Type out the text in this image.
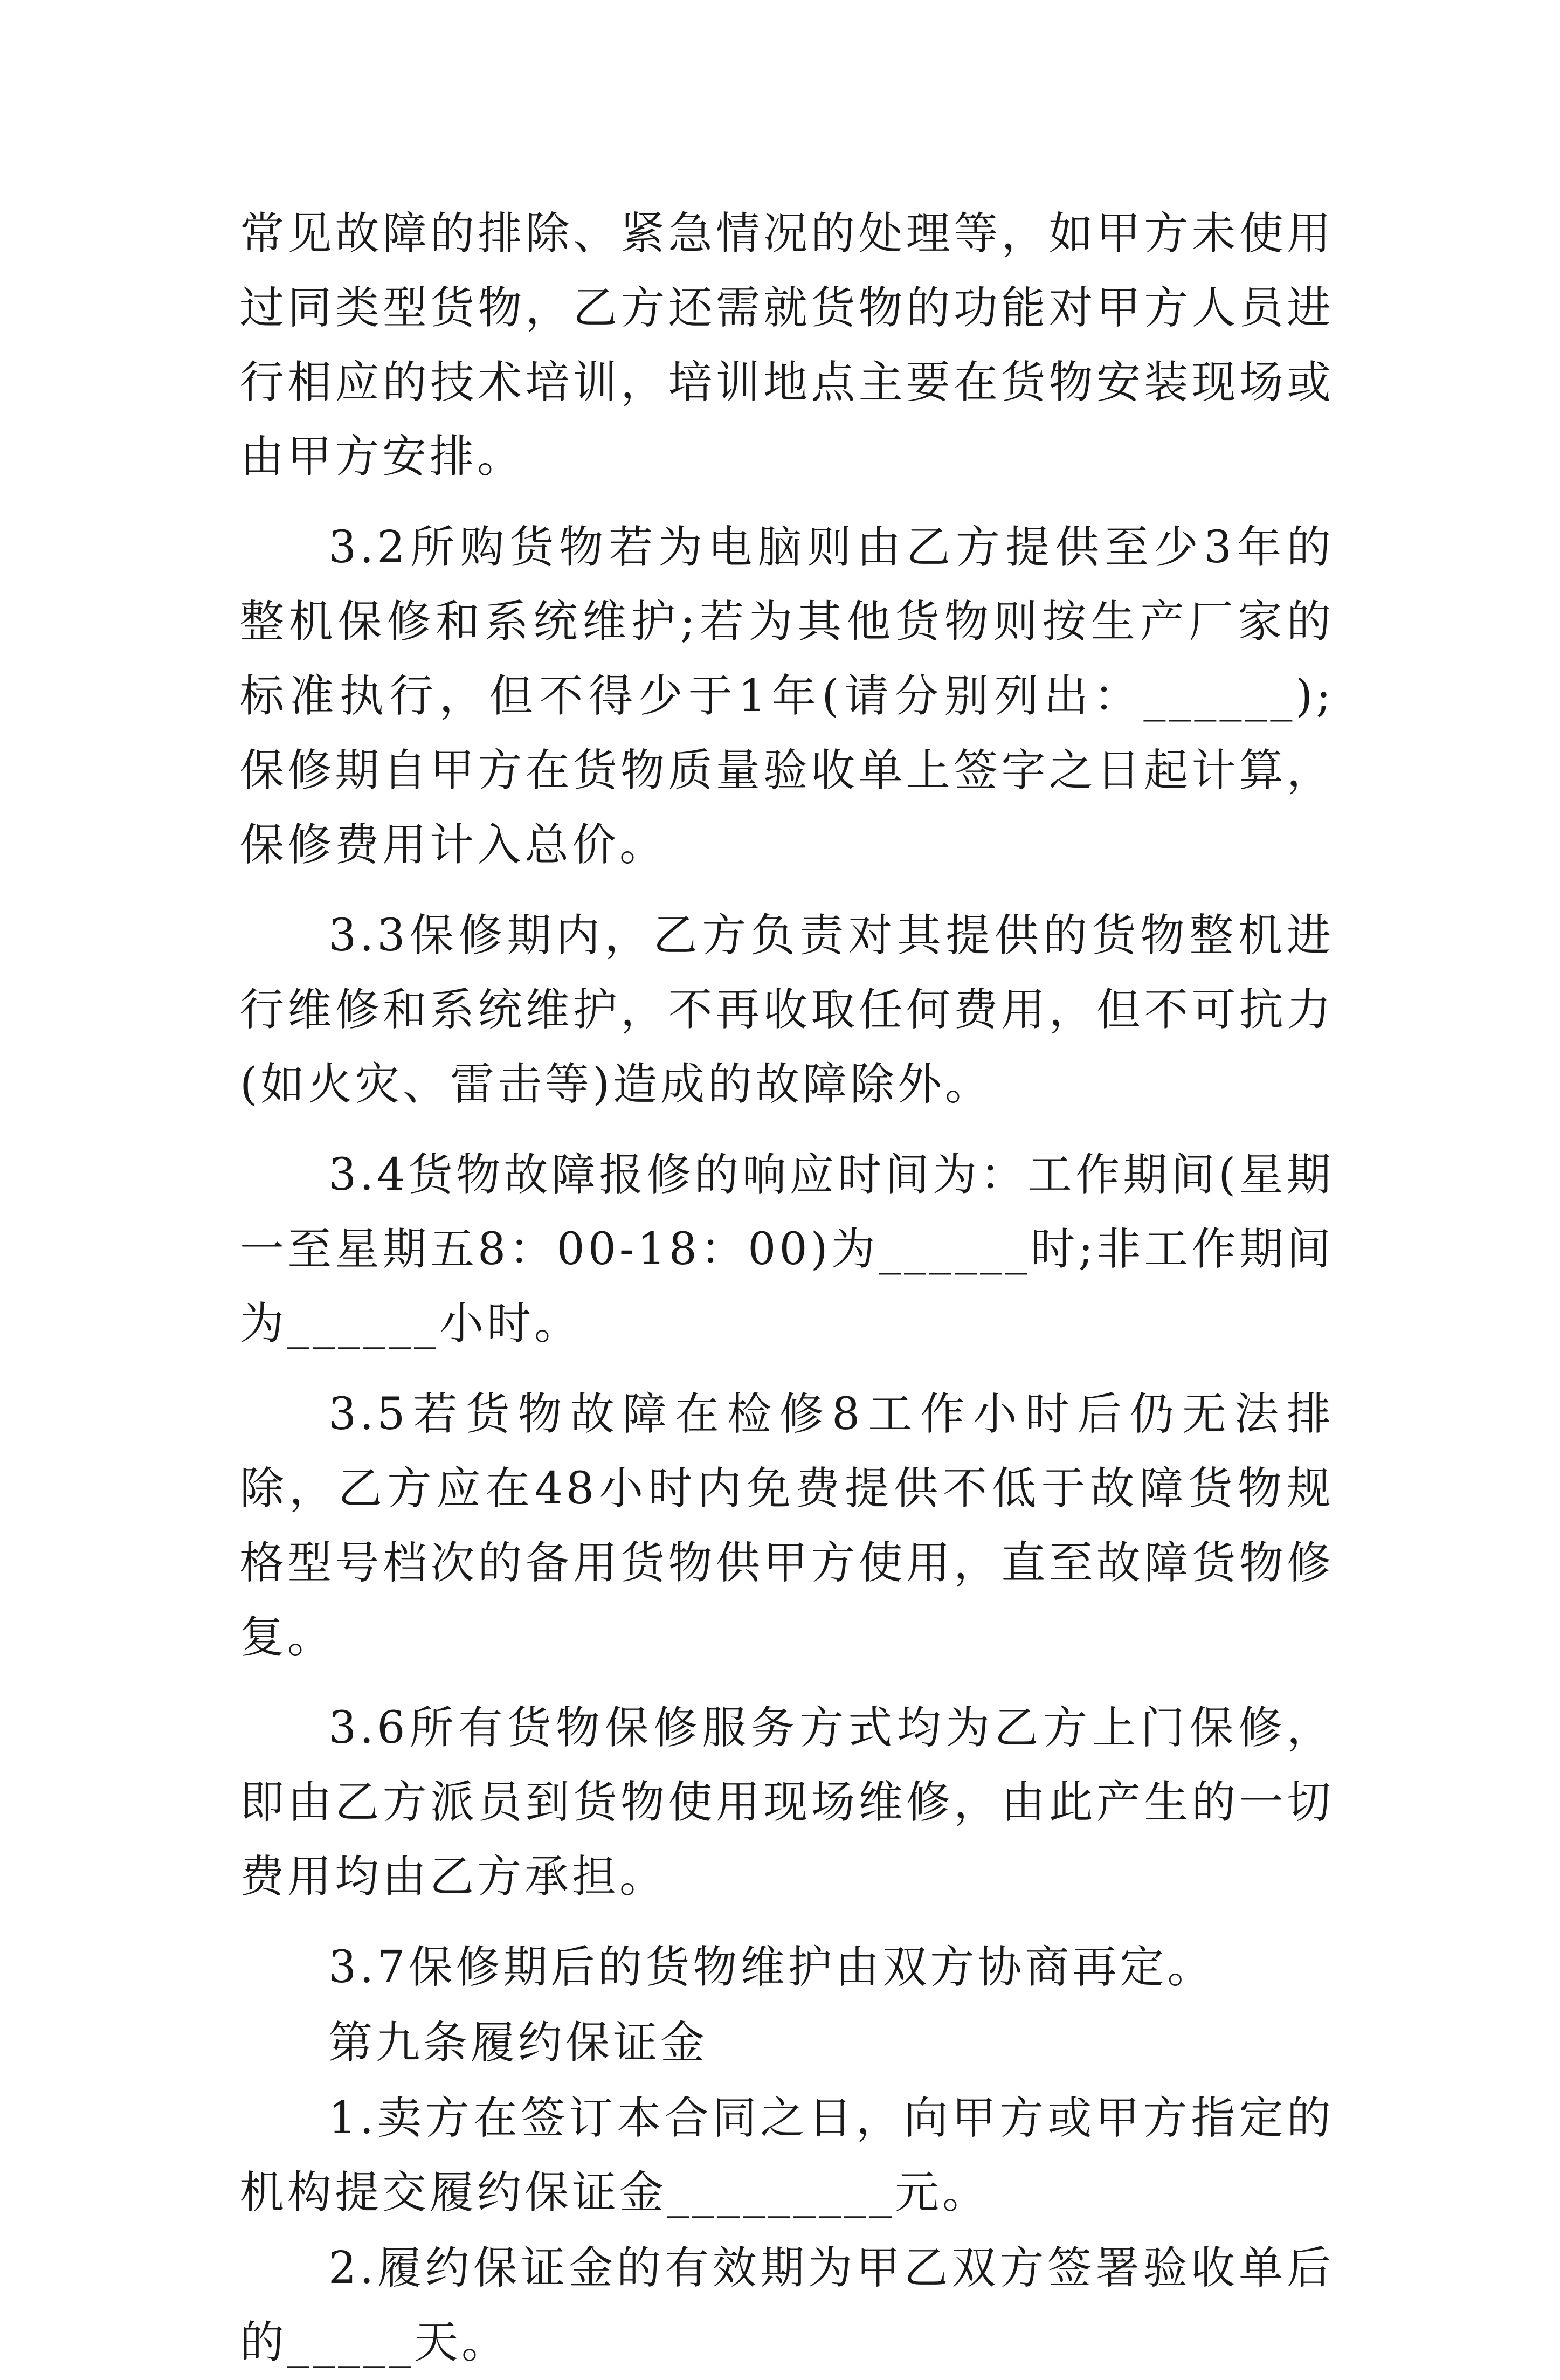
常见故障的排除、紧急情况的处理等，如甲方未使用过同类型货物，乙方还需就货物的功能对甲方人员进行相应的技术培训，培训地点主要在货物安装现场或由甲方安排。

3.2所购货物若为电脑则由乙方提供至少3年的整机保修和系统维护;若为其他货物则按生产厂家的标准执行，但不得少于1年(请分别列出：______);保修期自甲方在货物质量验收单上签字之日起计算，保修费用计入总价。

3.3保修期内，乙方负责对其提供的货物整机进行维修和系统维护，不再收取任何费用，但不可抗力(如火灾、雷击等)造成的故障除外。

3.4货物故障报修的响应时间为：工作期间(星期一至星期五8：00-18：00)为______时;非工作期间为______小时。

3.5若货物故障在检修8工作小时后仍无法排除，乙方应在48小时内免费提供不低于故障货物规格型号档次的备用货物供甲方使用，直至故障货物修复。

3.6所有货物保修服务方式均为乙方上门保修，即由乙方派员到货物使用现场维修，由此产生的一切费用均由乙方承担。

3.7保修期后的货物维护由双方协商再定。

第九条履约保证金

1.卖方在签订本合同之日，向甲方或甲方指定的机构提交履约保证金_________元。

2.履约保证金的有效期为甲乙双方签署验收单后的_____天。
